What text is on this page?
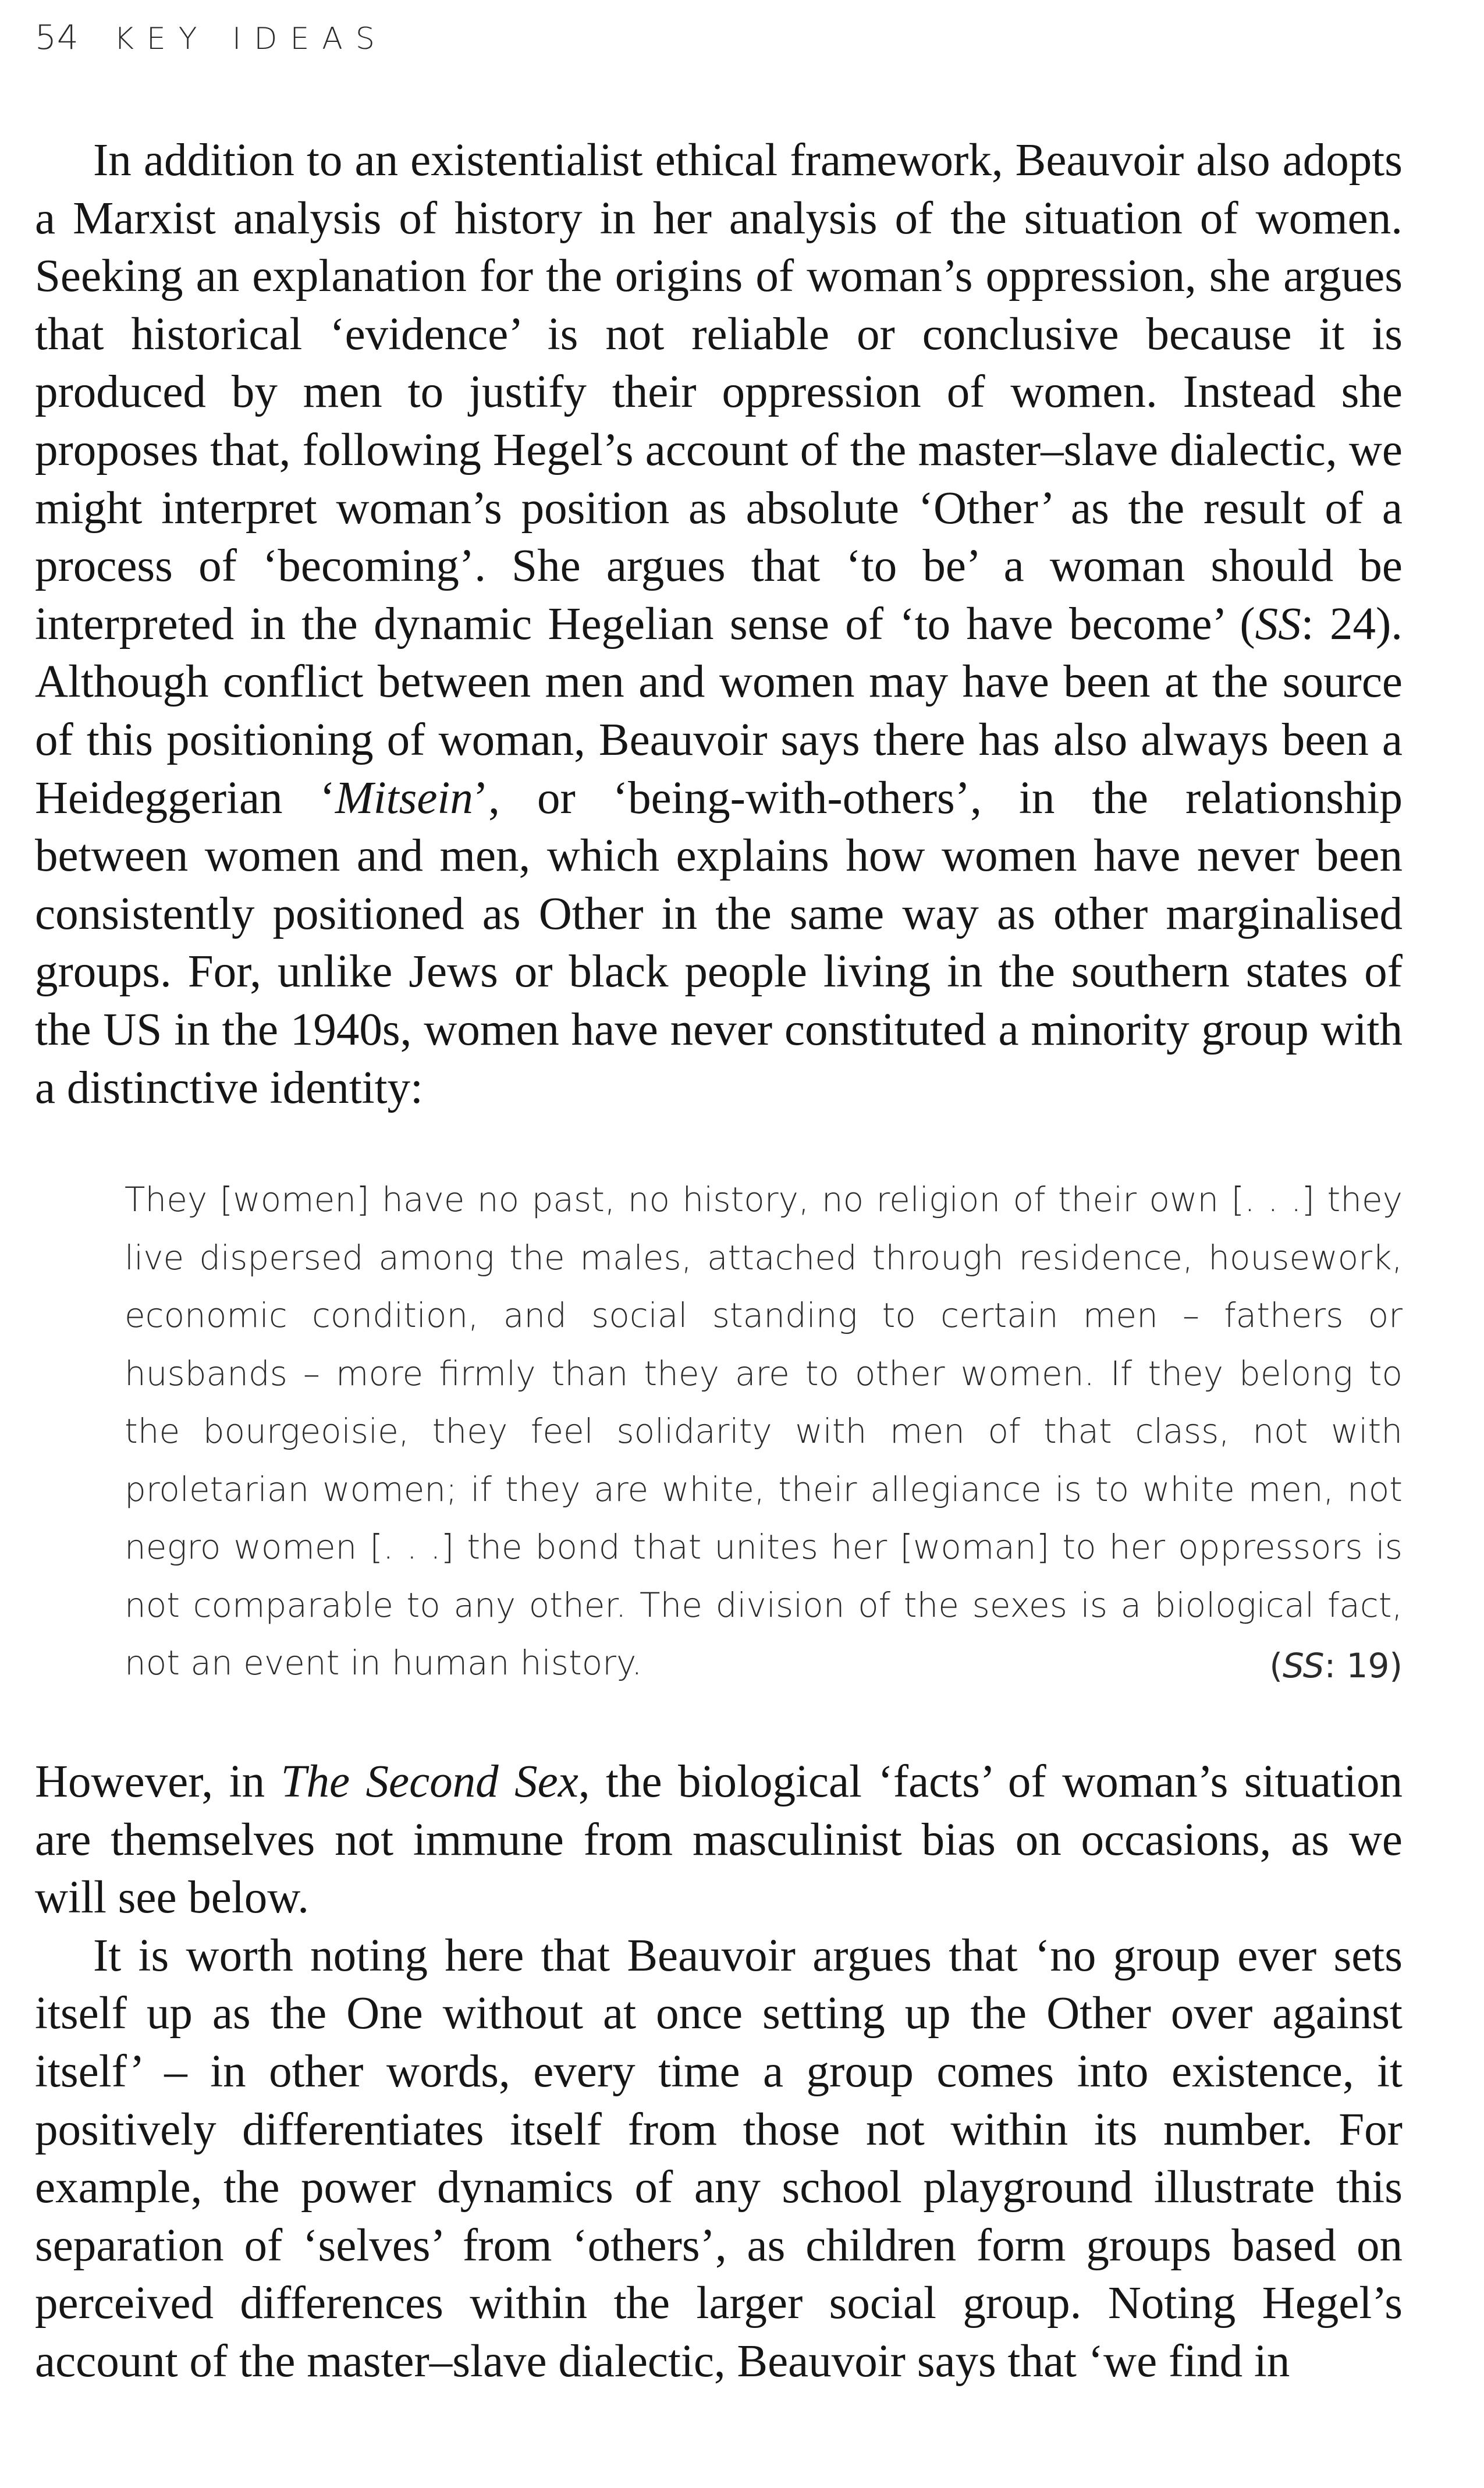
54 KEY IDEAS

In addition to an existentialist ethical framework, Beauvoir also adopts a Marxist analysis of history in her analysis of the situation of women. Seeking an explanation for the origins of woman’s oppression, she argues that historical ‘evidence’ is not reliable or conclusive because it is produced by men to justify their oppression of women. Instead she proposes that, following Hegel’s account of the master–slave dialectic, we might interpret woman’s position as absolute ‘Other’ as the result of a process of ‘becoming’. She argues that ‘to be’ a woman should be interpreted in the dynamic Hegelian sense of ‘to have become’ (SS: 24). Although conflict between men and women may have been at the source of this positioning of woman, Beauvoir says there has also always been a Heideggerian ‘Mitsein’, or ‘being-with-others’, in the relationship between women and men, which explains how women have never been consistently positioned as Other in the same way as other marginalised groups. For, unlike Jews or black people living in the southern states of the US in the 1940s, women have never constituted a minority group with a distinctive identity:

They [women] have no past, no history, no religion of their own [. . .] they live dispersed among the males, attached through residence, housework, economic condition, and social standing to certain men – fathers or husbands – more firmly than they are to other women. If they belong to the bourgeoisie, they feel solidarity with men of that class, not with proletarian women; if they are white, their allegiance is to white men, not negro women [. . .] the bond that unites her [woman] to her oppressors is not comparable to any other. The division of the sexes is a biological fact, not an event in human history.	(SS: 19)

However, in The Second Sex, the biological ‘facts’ of woman’s situation are themselves not immune from masculinist bias on occasions, as we will see below.

It is worth noting here that Beauvoir argues that ‘no group ever sets itself up as the One without at once setting up the Other over against itself’ – in other words, every time a group comes into existence, it positively differentiates itself from those not within its number. For example, the power dynamics of any school playground illustrate this separation of ‘selves’ from ‘others’, as children form groups based on perceived differences within the larger social group. Noting Hegel’s account of the master–slave dialectic, Beauvoir says that ‘we find in
